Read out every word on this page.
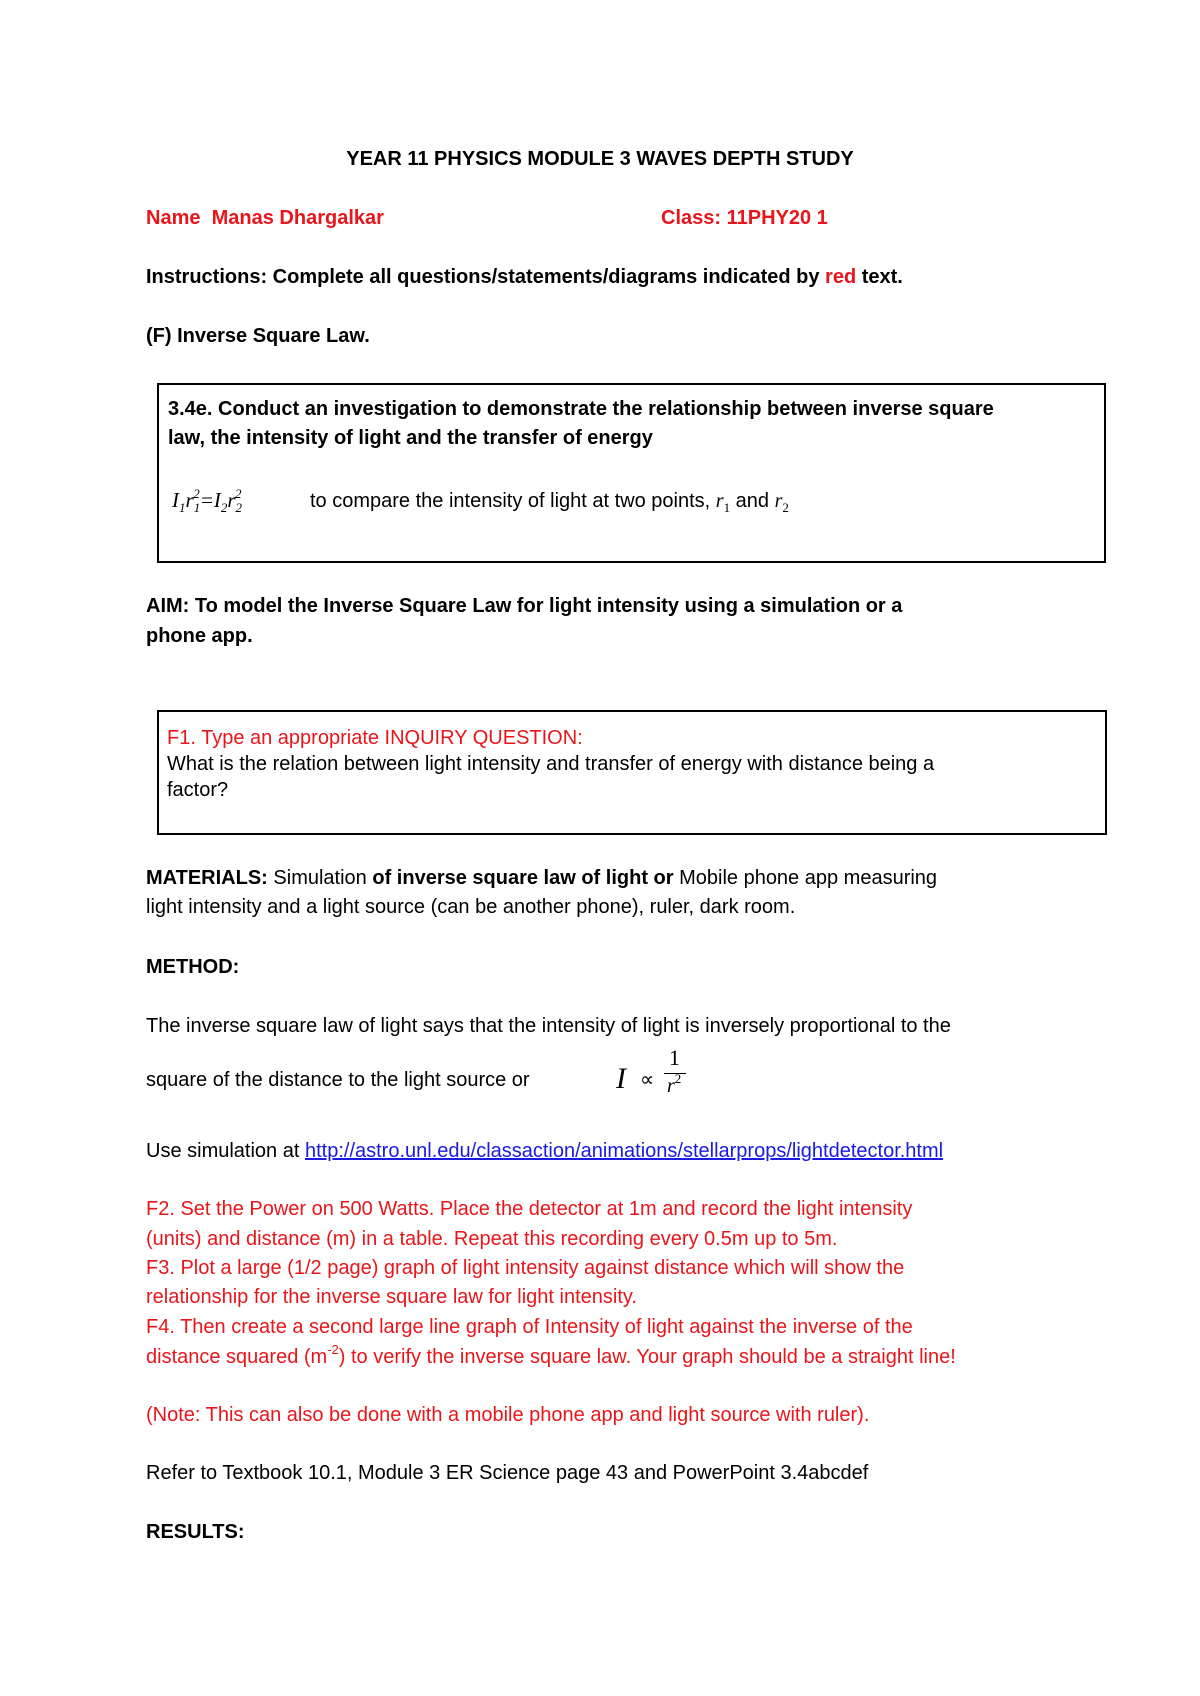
YEAR 11 PHYSICS MODULE 3 WAVES DEPTH STUDY
Name Manas Dhargalkar	Class: 11PHY20 1
Instructions: Complete all questions/statements/diagrams indicated by red text.
(F) Inverse Square Law.
3.4e. Conduct an investigation to demonstrate the relationship between inverse square
law, the intensity of light and the transfer of energy
$I_1r_1^2=I_2r_2^2$	to compare the intensity of light at two points, $r_1$ and $r_2$
AIM: To model the Inverse Square Law for light intensity using a simulation or a
phone app.
F1. Type an appropriate INQUIRY QUESTION:
What is the relation between light intensity and transfer of energy with distance being a
factor?
MATERIALS: Simulation of inverse square law of light or Mobile phone app measuring
light intensity and a light source (can be another phone), ruler, dark room.
METHOD:
The inverse square law of light says that the intensity of light is inversely proportional to the
square of the distance to the light source or	I ∝
1
$r^2$
Use simulation at http://astro.unl.edu/classaction/animations/stellarprops/lightdetector.html
F2. Set the Power on 500 Watts. Place the detector at 1m and record the light intensity
(units) and distance (m) in a table. Repeat this recording every 0.5m up to 5m.
F3. Plot a large (1/2 page) graph of light intensity against distance which will show the
relationship for the inverse square law for light intensity.
F4. Then create a second large line graph of Intensity of light against the inverse of the
distance squared $(m^{-2})$ to verify the inverse square law. Your graph should be a straight line!
(Note: This can also be done with a mobile phone app and light source with ruler).
Refer to Textbook 10.1, Module 3 ER Science page 43 and PowerPoint 3.4abcdef
RESULTS:
